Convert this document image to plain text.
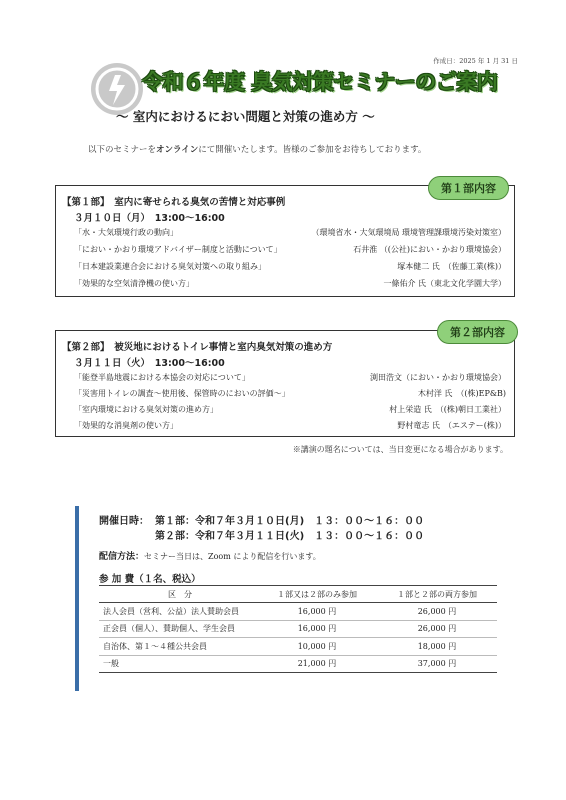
作成日：2025 年 1 月 31 日
令和６年度 臭気対策セミナーのご案内
～ 室内におけるにおい問題と対策の進め方 ～
以下のセミナーをオンラインにて開催いたします。皆様のご参加をお待ちしております。
【第１部】　室内に寄せられる臭気の苦情と対応事例
３月１０日（月）　13:00～16:00
「水・大気環境行政の動向」	（環境省水・大気環境局 環境管理課環境汚染対策室）
「におい・かおり環境アドバイザー制度と活動について」	石井淮 （(公社)におい・かおり環境協会）
「日本建設業連合会における臭気対策への取り組み」	塚本健二 氏　（佐藤工業(株)）
「効果的な空気清浄機の使い方」	一條佑介 氏（東北文化学園大学）
第１部内容
【第２部】　被災地におけるトイレ事情と室内臭気対策の進め方
３月１１日（火）　13:00～16:00
「能登半島地震における本協会の対応について」	渕田浩文（におい・かおり環境協会）
「災害用トイレの調査～使用後、保管時のにおいの評価～」	木村洋 氏　（(株)EP&B)
「室内環境における臭気対策の進め方」	村上栄造 氏　（(株)朝日工業社）
「効果的な消臭剤の使い方」	野村竜志 氏　（エステー(株)）
第２部内容
※講演の題名については、当日変更になる場合があります。
開催日時： 第１部：令和７年３月１０日(月)　１３：００～１６：００
第２部：令和７年３月１１日(火)　１３：００～１６：００
配信方法：セミナー当日は、Zoom により配信を行います。
参 加 費（１名、税込）
区　分	１部又は２部のみ参加	１部と２部の両方参加
法人会員（営利、公益）法人賛助会員	16,000 円	26,000 円
正会員（個人）、賛助個人、学生会員	16,000 円	26,000 円
自治体、第１～４種公共会員	10,000 円	18,000 円
一般	21,000 円	37,000 円
